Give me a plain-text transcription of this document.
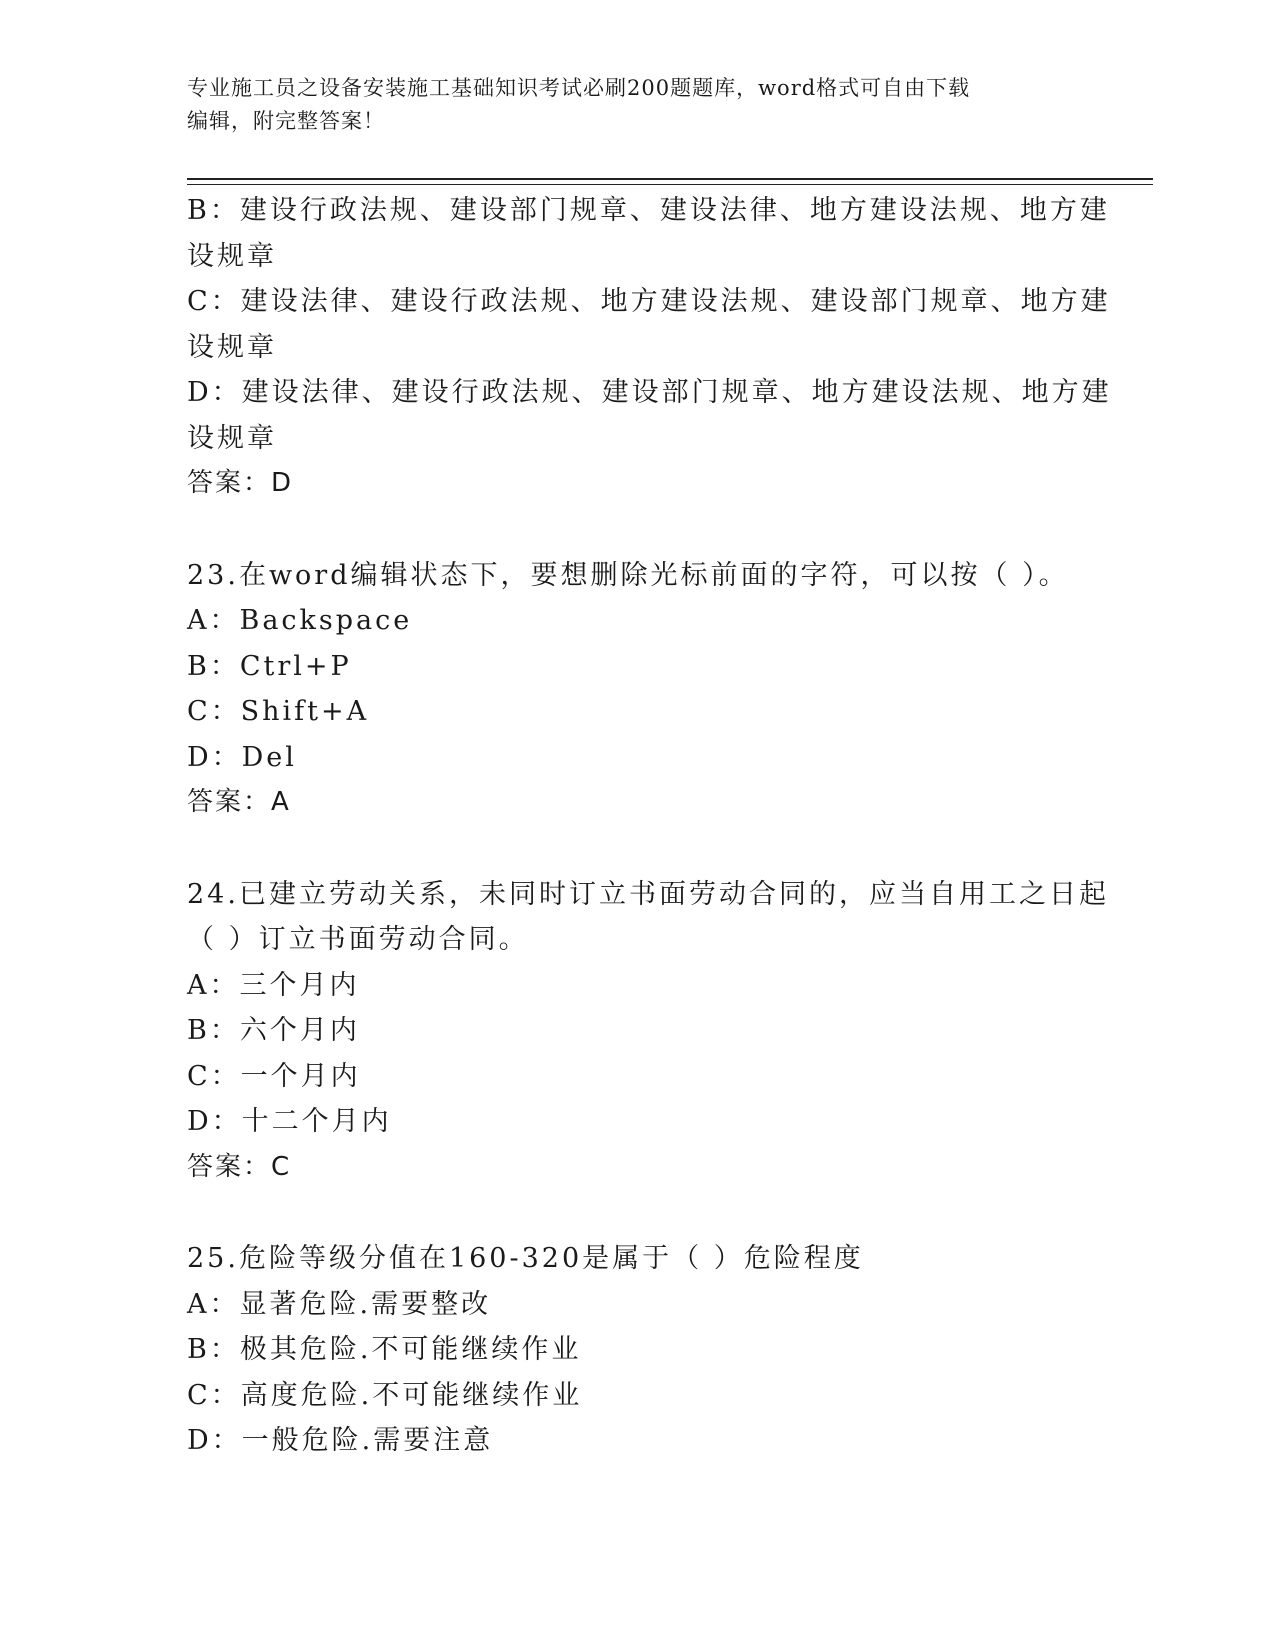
专业施工员之设备安装施工基础知识考试必刷200题题库，word格式可自由下载
编辑，附完整答案！
B：建设行政法规、建设部门规章、建设法律、地方建设法规、地方建
设规章
C：建设法律、建设行政法规、地方建设法规、建设部门规章、地方建
设规章
D：建设法律、建设行政法规、建设部门规章、地方建设法规、地方建
设规章
答案：D
23.在word编辑状态下，要想删除光标前面的字符，可以按（ ）。
A：Backspace
B：Ctrl+P
C：Shift+A
D：Del
答案：A
24.已建立劳动关系，未同时订立书面劳动合同的，应当自用工之日起
（ ）订立书面劳动合同。
A：三个月内
B：六个月内
C：一个月内
D：十二个月内
答案：C
25.危险等级分值在160-320是属于（ ）危险程度
A：显著危险.需要整改
B：极其危险.不可能继续作业
C：高度危险.不可能继续作业
D：一般危险.需要注意
